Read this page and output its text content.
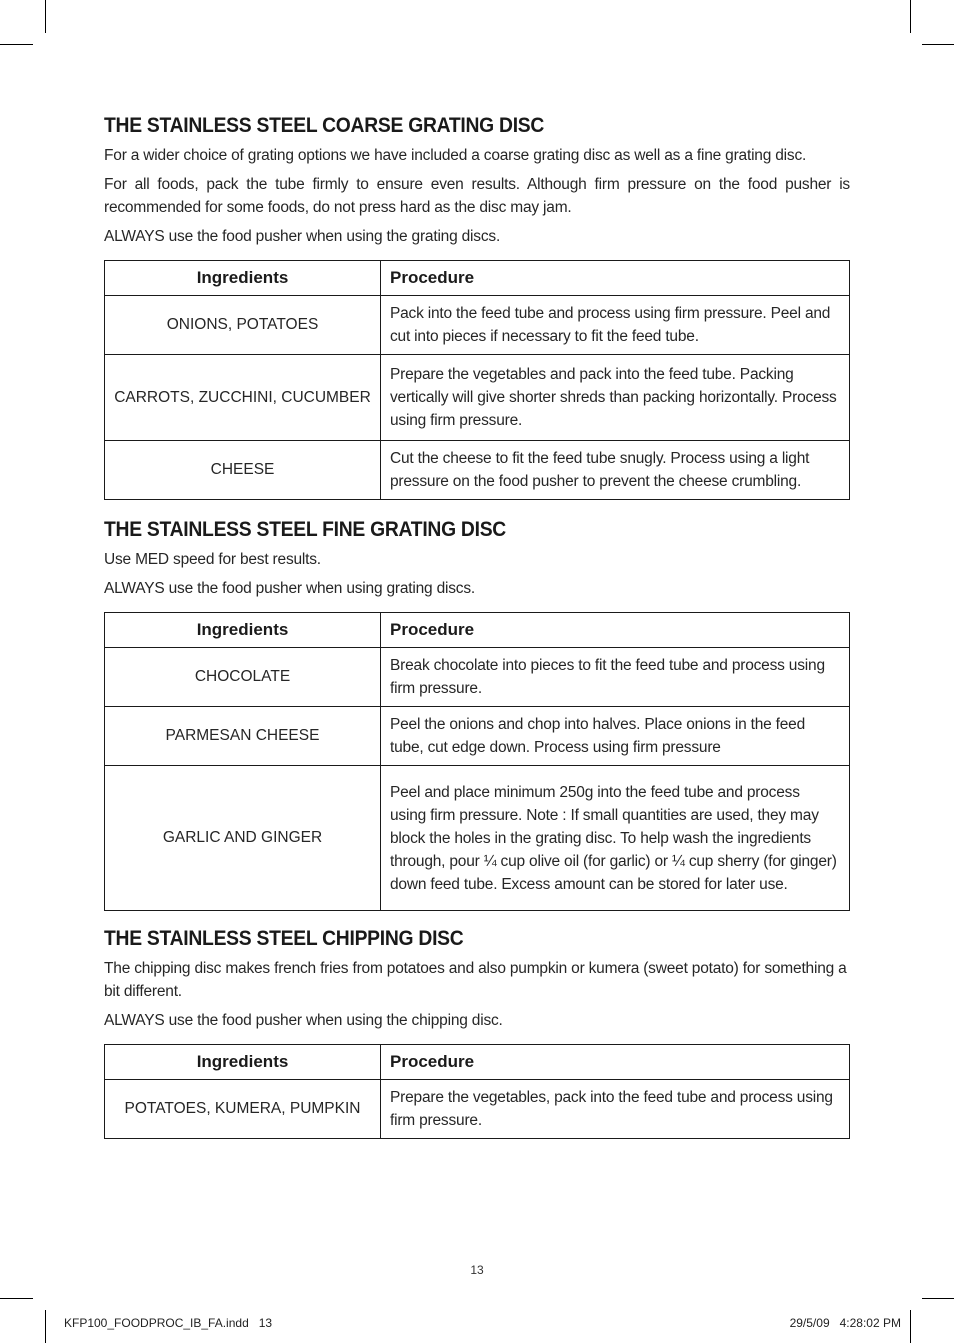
THE STAINLESS STEEL COARSE GRATING DISC

For a wider choice of grating options we have included a coarse grating disc as well as a fine grating disc.

For all foods, pack the tube firmly to ensure even results. Although firm pressure on the food pusher is recommended for some foods, do not press hard as the disc may jam.

ALWAYS use the food pusher when using the grating discs.

Ingredients	Procedure
ONIONS, POTATOES	Pack into the feed tube and process using firm pressure. Peel and cut into pieces if necessary to fit the feed tube.
CARROTS, ZUCCHINI, CUCUMBER	Prepare the vegetables and pack into the feed tube. Packing vertically will give shorter shreds than packing horizontally. Process using firm pressure.
CHEESE	Cut the cheese to fit the feed tube snugly. Process using a light pressure on the food pusher to prevent the cheese crumbling.
THE STAINLESS STEEL FINE GRATING DISC

Use MED speed for best results.

ALWAYS use the food pusher when using grating discs.

Ingredients	Procedure
CHOCOLATE	Break chocolate into pieces to fit the feed tube and process using firm pressure.
PARMESAN CHEESE	Peel the onions and chop into halves. Place onions in the feed tube, cut edge down. Process using firm pressure
GARLIC AND GINGER	Peel and place minimum 250g into the feed tube and process using firm pressure. Note : If small quantities are used, they may block the holes in the grating disc. To help wash the ingredients through, pour ¼ cup olive oil (for garlic) or ¼ cup sherry (for ginger) down feed tube. Excess amount can be stored for later use.
THE STAINLESS STEEL CHIPPING DISC

The chipping disc makes french fries from potatoes and also pumpkin or kumera (sweet potato) for something a bit different.

ALWAYS use the food pusher when using the chipping disc.

Ingredients	Procedure
POTATOES, KUMERA, PUMPKIN	Prepare the vegetables, pack into the feed tube and process using firm pressure.
13
KFP100_FOODPROC_IB_FA.indd   13	29/5/09   4:28:02 PM
